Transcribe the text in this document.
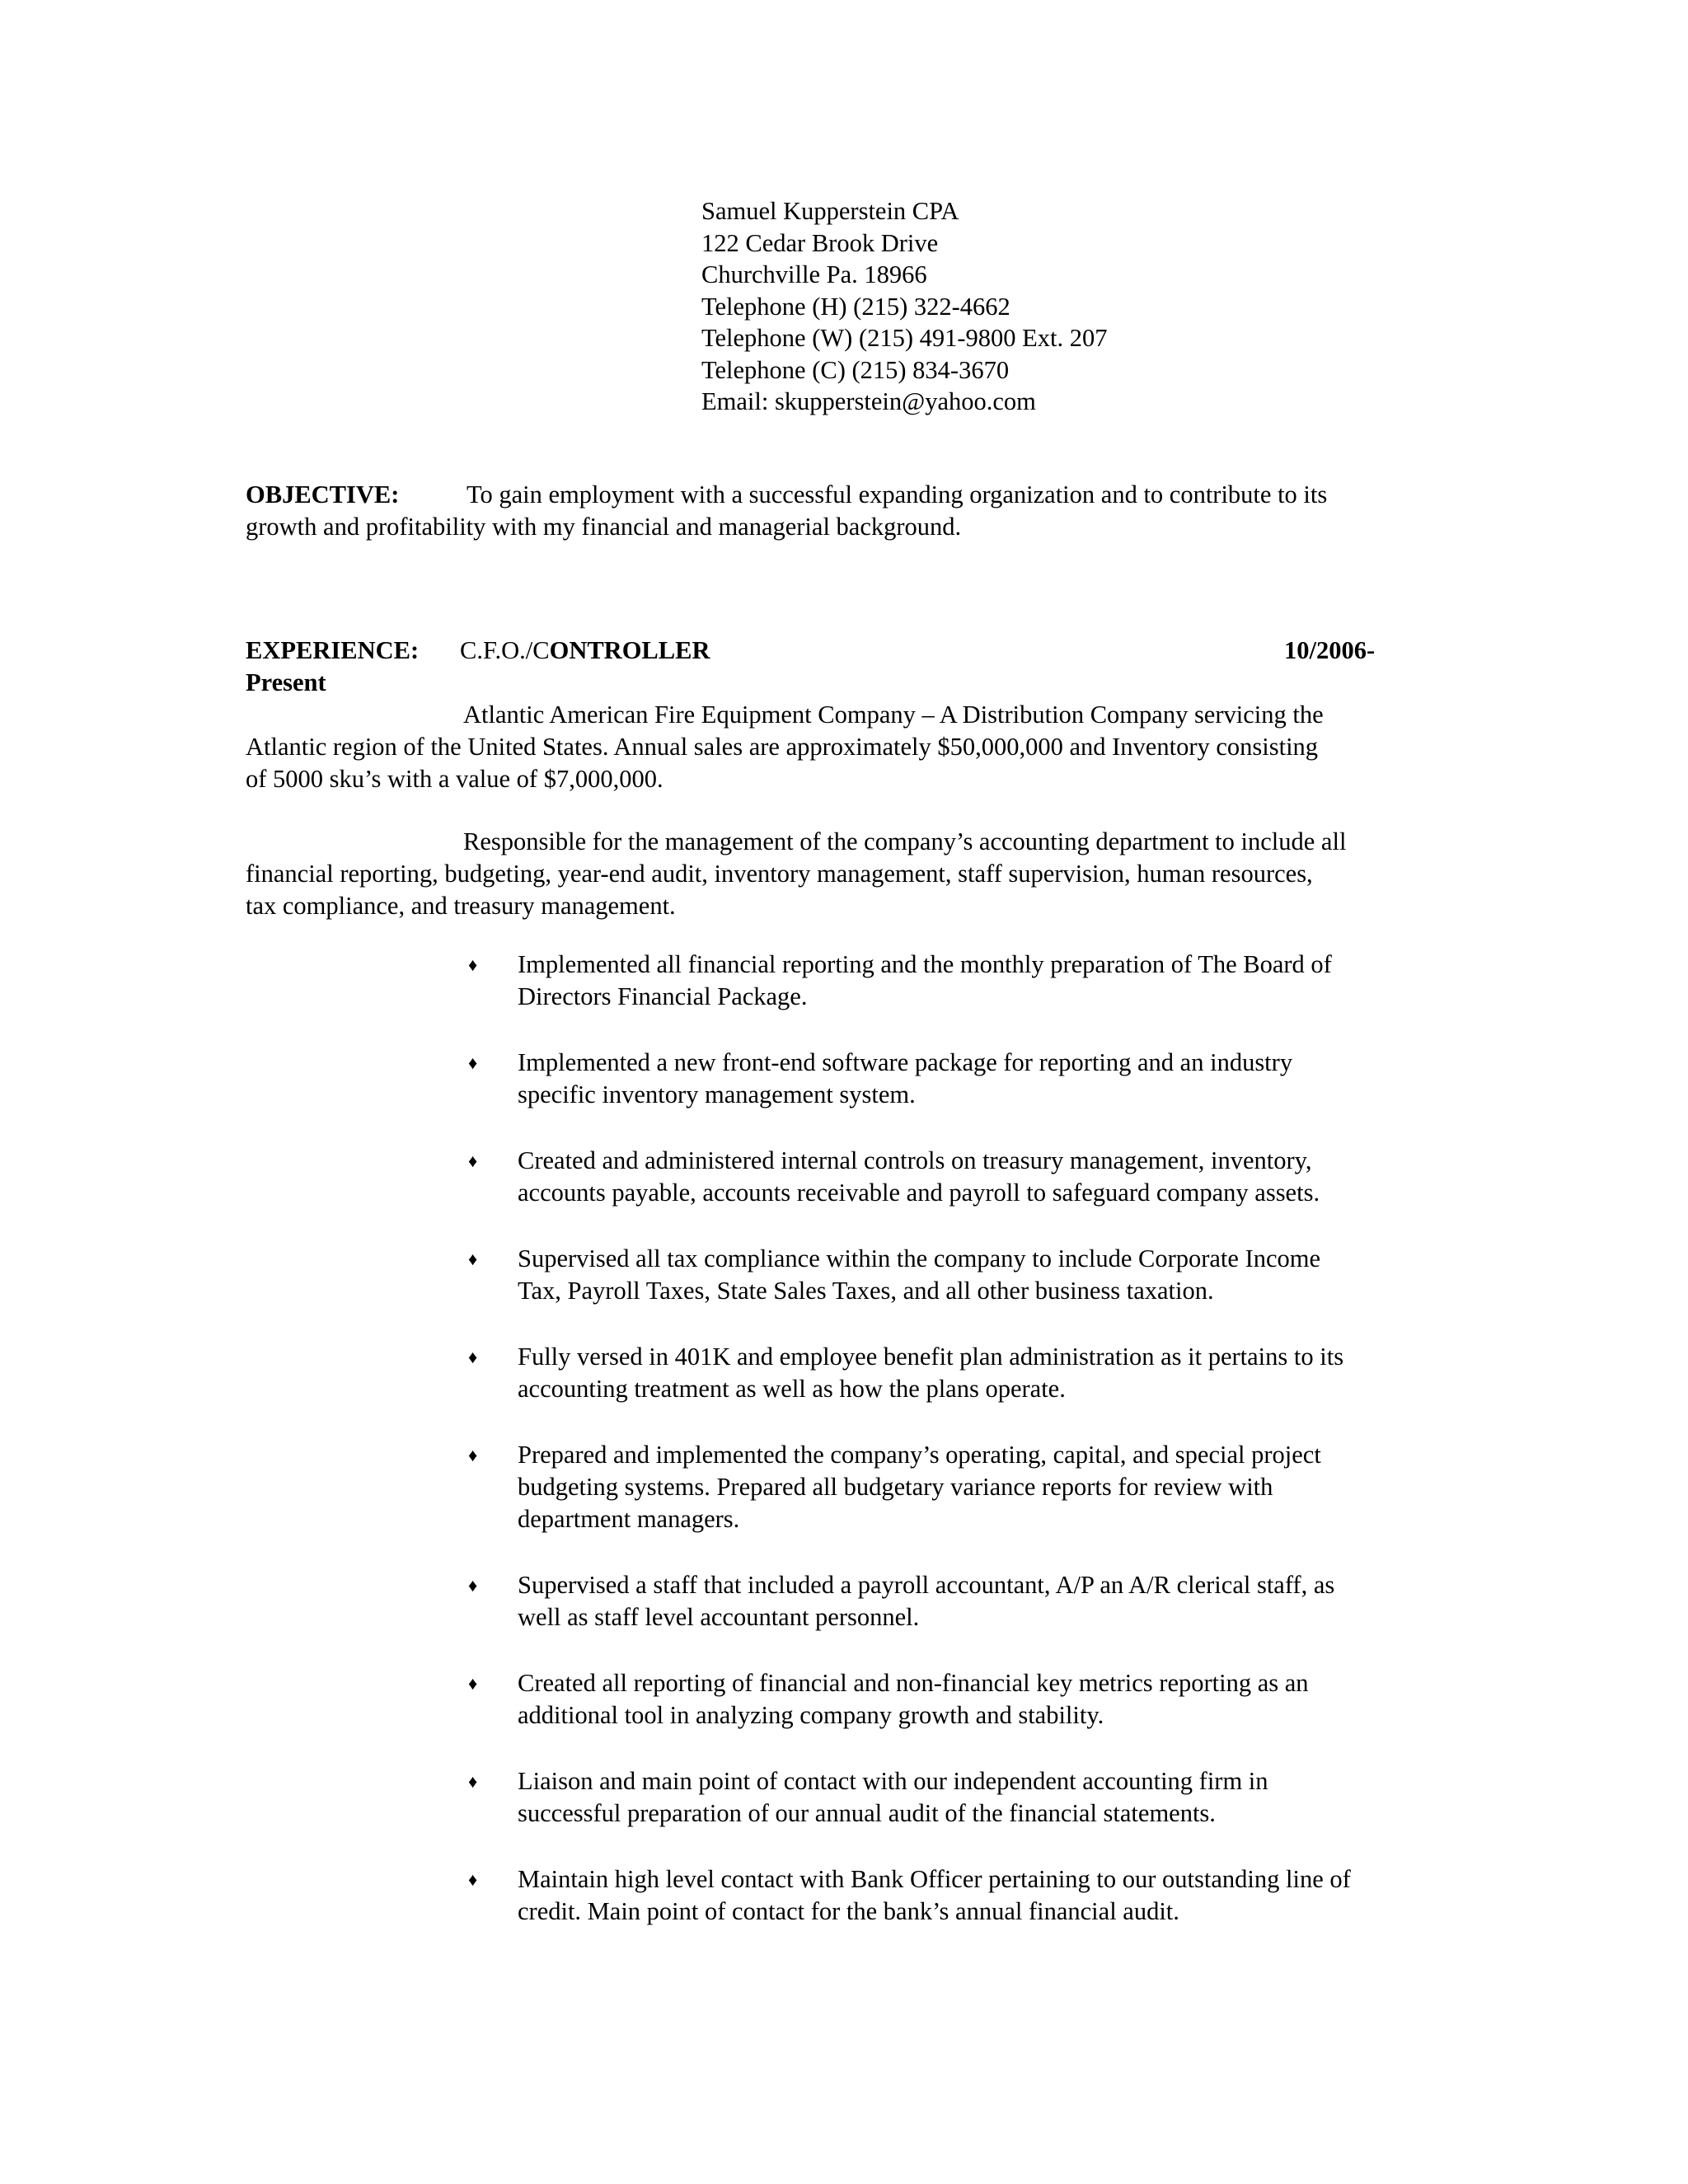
Samuel Kupperstein CPA
122 Cedar Brook Drive
Churchville Pa. 18966
Telephone (H) (215) 322-4662
Telephone (W) (215) 491-9800 Ext. 207
Telephone (C) (215) 834-3670
Email: skupperstein@yahoo.com
OBJECTIVE:	To gain employment with a successful expanding organization and to contribute to its
growth and profitability with my financial and managerial background.
EXPERIENCE: C.F.O./CONTROLLER	10/2006-
Present
Atlantic American Fire Equipment Company – A Distribution Company servicing the
Atlantic region of the United States. Annual sales are approximately $50,000,000 and Inventory consisting
of 5000 sku’s with a value of $7,000,000.
Responsible for the management of the company’s accounting department to include all
financial reporting, budgeting, year-end audit, inventory management, staff supervision, human resources,
tax compliance, and treasury management.
♦ Implemented all financial reporting and the monthly preparation of The Board of
Directors Financial Package.
♦ Implemented a new front-end software package for reporting and an industry
specific inventory management system.
♦ Created and administered internal controls on treasury management, inventory,
accounts payable, accounts receivable and payroll to safeguard company assets.
♦ Supervised all tax compliance within the company to include Corporate Income
Tax, Payroll Taxes, State Sales Taxes, and all other business taxation.
♦ Fully versed in 401K and employee benefit plan administration as it pertains to its
accounting treatment as well as how the plans operate.
♦ Prepared and implemented the company’s operating, capital, and special project
budgeting systems. Prepared all budgetary variance reports for review with
department managers.
♦ Supervised a staff that included a payroll accountant, A/P an A/R clerical staff, as
well as staff level accountant personnel.
♦ Created all reporting of financial and non-financial key metrics reporting as an
additional tool in analyzing company growth and stability.
♦ Liaison and main point of contact with our independent accounting firm in
successful preparation of our annual audit of the financial statements.
♦ Maintain high level contact with Bank Officer pertaining to our outstanding line of
credit. Main point of contact for the bank’s annual financial audit.
